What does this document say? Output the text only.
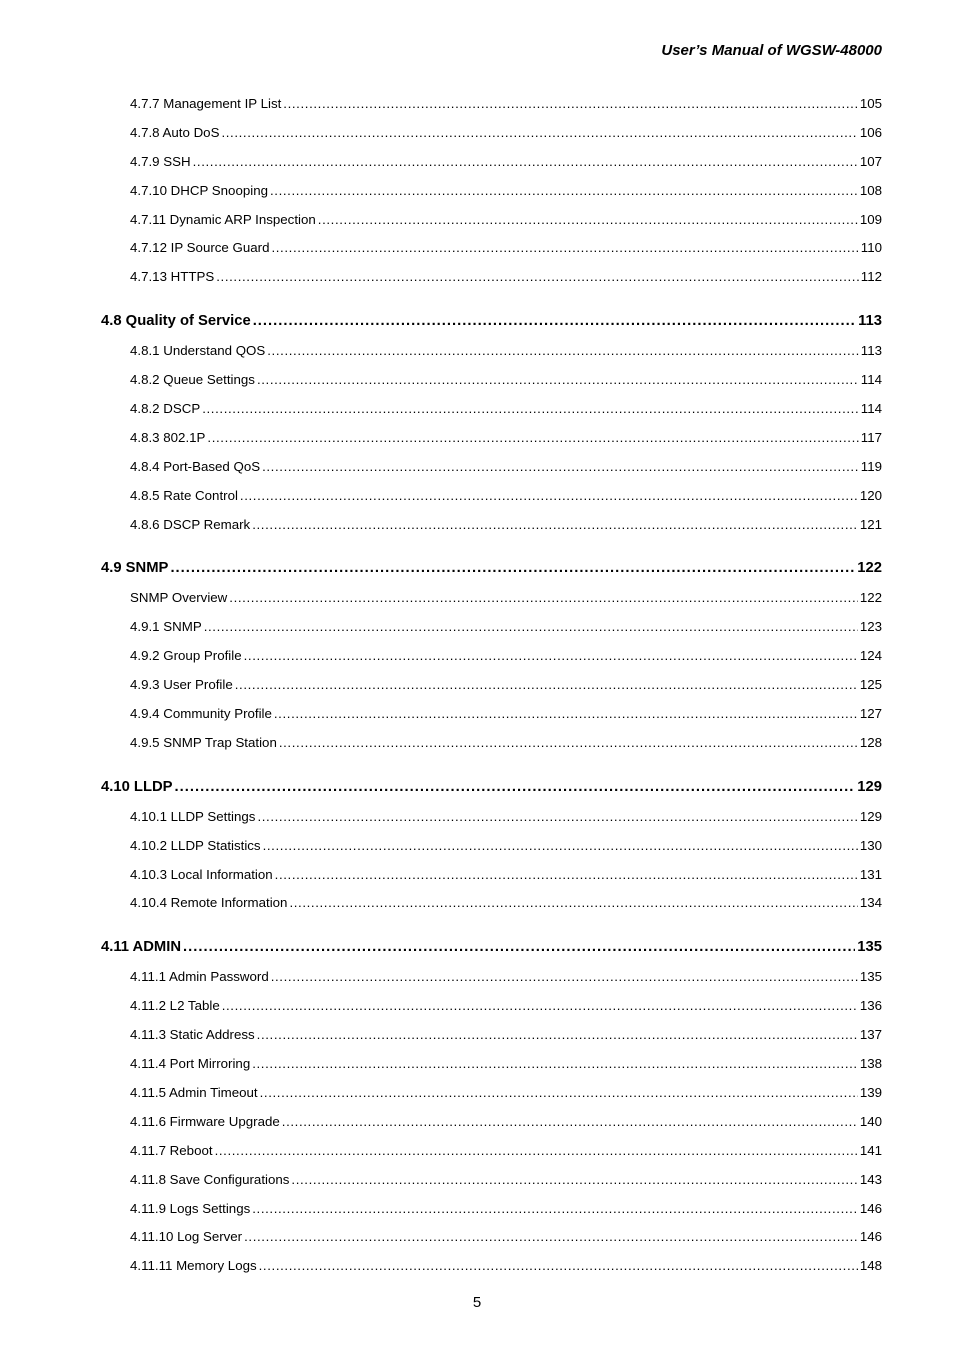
User’s Manual of WGSW-48000
4.7.7 Management IP List .....	105
4.7.8 Auto DoS .....	106
4.7.9 SSH .....	107
4.7.10 DHCP Snooping .....	108
4.7.11 Dynamic ARP Inspection .....	109
4.7.12 IP Source Guard .....	110
4.7.13 HTTPS .....	112
4.8 Quality of Service .....	113
4.8.1 Understand QOS .....	113
4.8.2 Queue Settings .....	114
4.8.2 DSCP .....	114
4.8.3 802.1P .....	117
4.8.4 Port-Based QoS .....	119
4.8.5 Rate Control .....	120
4.8.6 DSCP Remark .....	121
4.9 SNMP .....	122
SNMP Overview .....	122
4.9.1 SNMP .....	123
4.9.2 Group Profile .....	124
4.9.3 User Profile .....	125
4.9.4 Community Profile .....	127
4.9.5 SNMP Trap Station .....	128
4.10 LLDP .....	129
4.10.1 LLDP Settings .....	129
4.10.2 LLDP Statistics .....	130
4.10.3 Local Information .....	131
4.10.4 Remote Information .....	134
4.11 ADMIN .....	135
4.11.1 Admin Password .....	135
4.11.2 L2 Table .....	136
4.11.3 Static Address .....	137
4.11.4 Port Mirroring .....	138
4.11.5 Admin Timeout .....	139
4.11.6 Firmware Upgrade .....	140
4.11.7 Reboot .....	141
4.11.8 Save Configurations .....	143
4.11.9 Logs Settings .....	146
4.11.10 Log Server .....	146
4.11.11 Memory Logs .....	148
5
